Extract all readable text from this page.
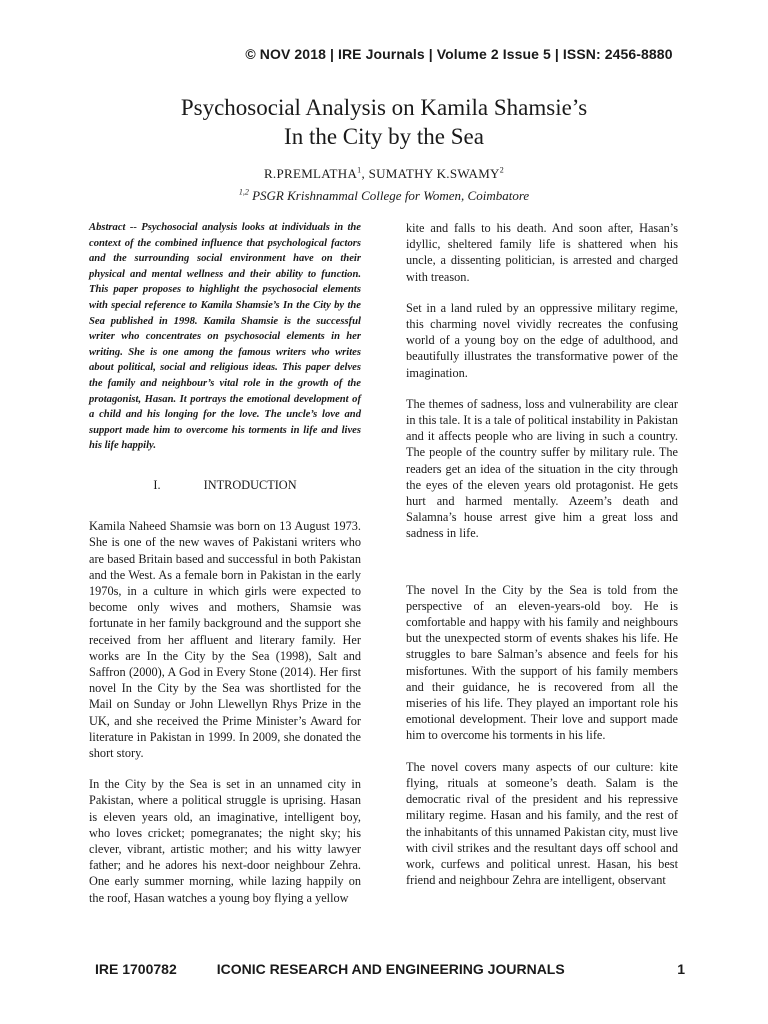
© NOV 2018 | IRE Journals | Volume 2 Issue 5 | ISSN: 2456-8880
Psychosocial Analysis on Kamila Shamsie’s
In the City by the Sea
R.PREMLATHA$^1$, SUMATHY K.SWAMY$^2$
$^{1,2}$ PSGR Krishnammal College for Women, Coimbatore

Abstract -- Psychosocial analysis looks at individuals in the context of the combined influence that psychological factors and the surrounding social environment have on their physical and mental wellness and their ability to function. This paper proposes to highlight the psychosocial elements with special reference to Kamila Shamsie’s In the City by the Sea published in 1998. Kamila Shamsie is the successful writer who concentrates on psychosocial elements in her writing. She is one among the famous writers who writes about political, social and religious ideas. This paper delves the family and neighbour’s vital role in the growth of the protagonist, Hasan. It portrays the emotional development of a child and his longing for the love. The uncle’s love and support made him to overcome his torments in life and lives his life happily.

I.	INTRODUCTION

Kamila Naheed Shamsie was born on 13 August 1973. She is one of the new waves of Pakistani writers who are based Britain based and successful in both Pakistan and the West. As a female born in Pakistan in the early 1970s, in a culture in which girls were expected to become only wives and mothers, Shamsie was fortunate in her family background and the support she received from her affluent and literary family. Her works are In the City by the Sea (1998), Salt and Saffron (2000), A God in Every Stone (2014). Her first novel In the City by the Sea was shortlisted for the Mail on Sunday or John Llewellyn Rhys Prize in the UK, and she received the Prime Minister’s Award for literature in Pakistan in 1999. In 2009, she donated the short story.

In the City by the Sea is set in an unnamed city in Pakistan, where a political struggle is uprising. Hasan is eleven years old, an imaginative, intelligent boy, who loves cricket; pomegranates; the night sky; his clever, vibrant, artistic mother; and his witty lawyer father; and he adores his next-door neighbour Zehra. One early summer morning, while lazing happily on the roof, Hasan watches a young boy flying a yellow

kite and falls to his death. And soon after, Hasan’s idyllic, sheltered family life is shattered when his uncle, a dissenting politician, is arrested and charged with treason.

Set in a land ruled by an oppressive military regime, this charming novel vividly recreates the confusing world of a young boy on the edge of adulthood, and beautifully illustrates the transformative power of the imagination.

The themes of sadness, loss and vulnerability are clear in this tale. It is a tale of political instability in Pakistan and it affects people who are living in such a country. The people of the country suffer by military rule. The readers get an idea of the situation in the city through the eyes of the eleven years old protagonist. He gets hurt and harmed mentally. Azeem’s death and Salamna’s house arrest give him a great loss and sadness in life.

The novel In the City by the Sea is told from the perspective of an eleven-years-old boy. He is comfortable and happy with his family and neighbours but the unexpected storm of events shakes his life. He struggles to bare Salman’s absence and feels for his misfortunes. With the support of his family members and their guidance, he is recovered from all the miseries of his life. They played an important role his emotional development. Their love and support made him to overcome his torments in his life.

The novel covers many aspects of our culture: kite flying, rituals at someone’s death. Salam is the democratic rival of the president and his repressive military regime. Hasan and his family, and the rest of the inhabitants of this unnamed Pakistan city, must live with civil strikes and the resultant days off school and work, curfews and political unrest. Hasan, his best friend and neighbour Zehra are intelligent, observant

IRE 1700782	ICONIC RESEARCH AND ENGINEERING JOURNALS	1
